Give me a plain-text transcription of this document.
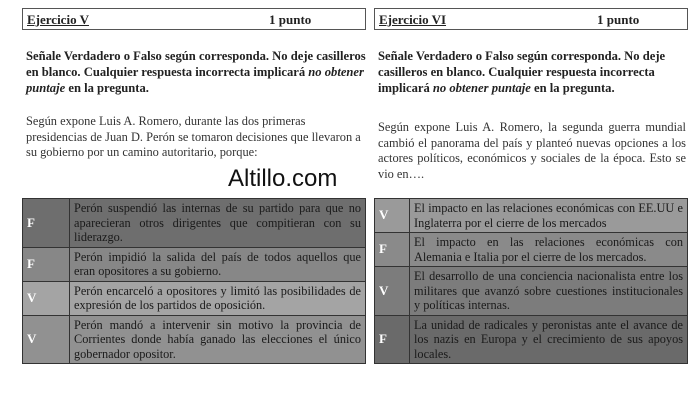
Ejercicio V	1 punto
Señale Verdadero o Falso según corresponda. No deje casilleros en blanco. Cualquier respuesta incorrecta implicará no obtener puntaje en la pregunta.
Según expone Luis A. Romero, durante las dos primeras presidencias de Juan D. Perón se tomaron decisiones que llevaron a su gobierno por un camino autoritario, porque:
F	Perón suspendió las internas de su partido para que no aparecieran otros dirigentes que compitieran con su liderazgo.
F	Perón impidió la salida del país de todos aquellos que eran opositores a su gobierno.
V	Perón encarceló a opositores y limitó las posibilidades de expresión de los partidos de oposición.
V	Perón mandó a intervenir sin motivo la provincia de Corrientes donde había ganado las elecciones el único gobernador opositor.
Altillo.com
Ejercicio VI	1 punto
Señale Verdadero o Falso según corresponda. No deje casilleros en blanco. Cualquier respuesta incorrecta implicará no obtener puntaje en la pregunta.
Según expone Luis A. Romero, la segunda guerra mundial cambió el panorama del país y planteó nuevas opciones a los actores políticos, económicos y sociales de la época. Esto se vio en….
V	El impacto en las relaciones económicas con EE.UU e Inglaterra por el cierre de los mercados
F	El impacto en las relaciones económicas con Alemania e Italia por el cierre de los mercados.
V	El desarrollo de una conciencia nacionalista entre los militares que avanzó sobre cuestiones institucionales y políticas internas.
F	La unidad de radicales y peronistas ante el avance de los nazis en Europa y el crecimiento de sus apoyos locales.
